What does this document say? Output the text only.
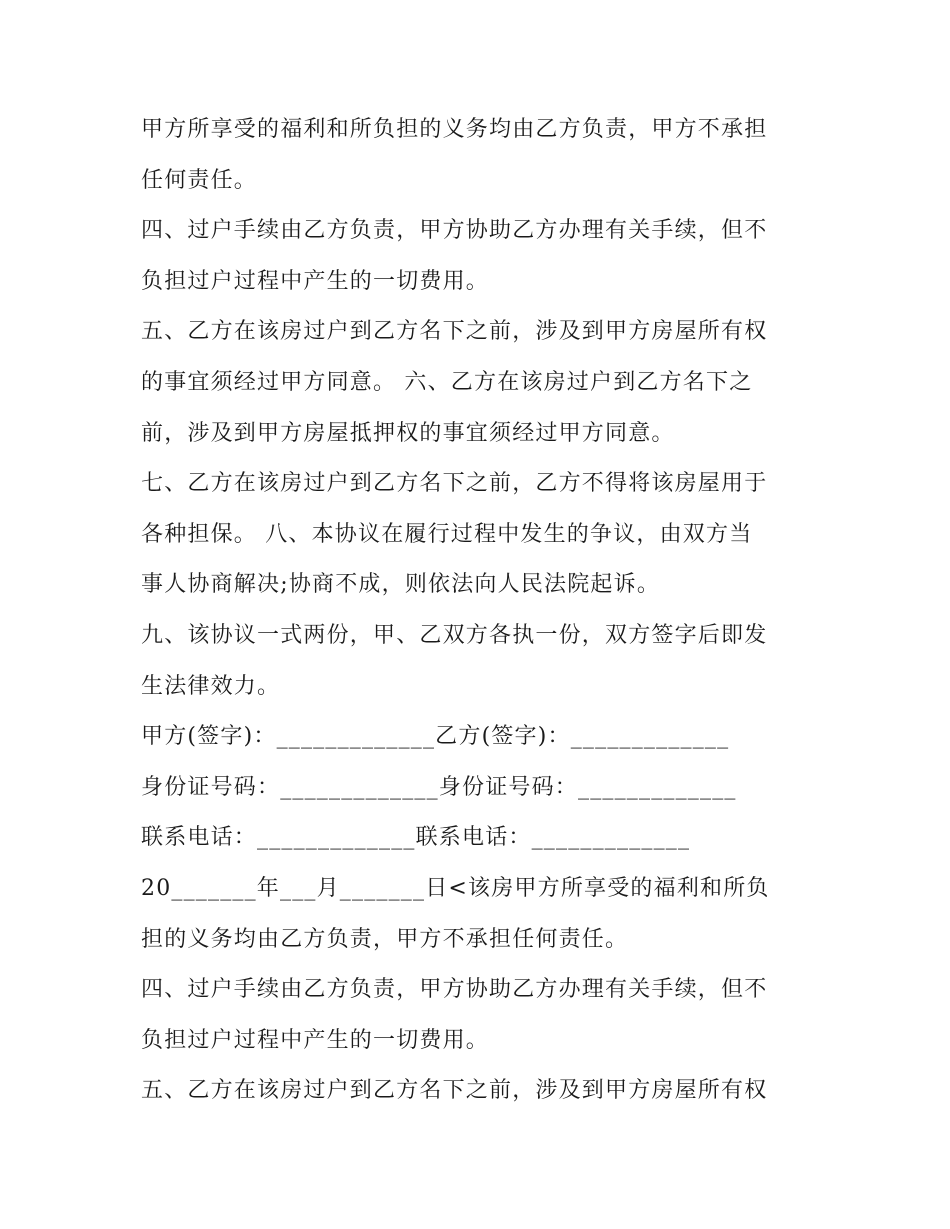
甲方所享受的福利和所负担的义务均由乙方负责，甲方不承担
任何责任。
四、过户手续由乙方负责，甲方协助乙方办理有关手续，但不
负担过户过程中产生的一切费用。
五、乙方在该房过户到乙方名下之前，涉及到甲方房屋所有权
的事宜须经过甲方同意。 六、乙方在该房过户到乙方名下之
前，涉及到甲方房屋抵押权的事宜须经过甲方同意。
七、乙方在该房过户到乙方名下之前，乙方不得将该房屋用于
各种担保。 八、本协议在履行过程中发生的争议，由双方当
事人协商解决;协商不成，则依法向人民法院起诉。
九、该协议一式两份，甲、乙双方各执一份，双方签字后即发
生法律效力。
甲方(签字)：_____________乙方(签字)：_____________
身份证号码：_____________身份证号码：_____________
联系电话：_____________联系电话：_____________
20_______年___月_______日<该房甲方所享受的福利和所负
担的义务均由乙方负责，甲方不承担任何责任。
四、过户手续由乙方负责，甲方协助乙方办理有关手续，但不
负担过户过程中产生的一切费用。
五、乙方在该房过户到乙方名下之前，涉及到甲方房屋所有权
